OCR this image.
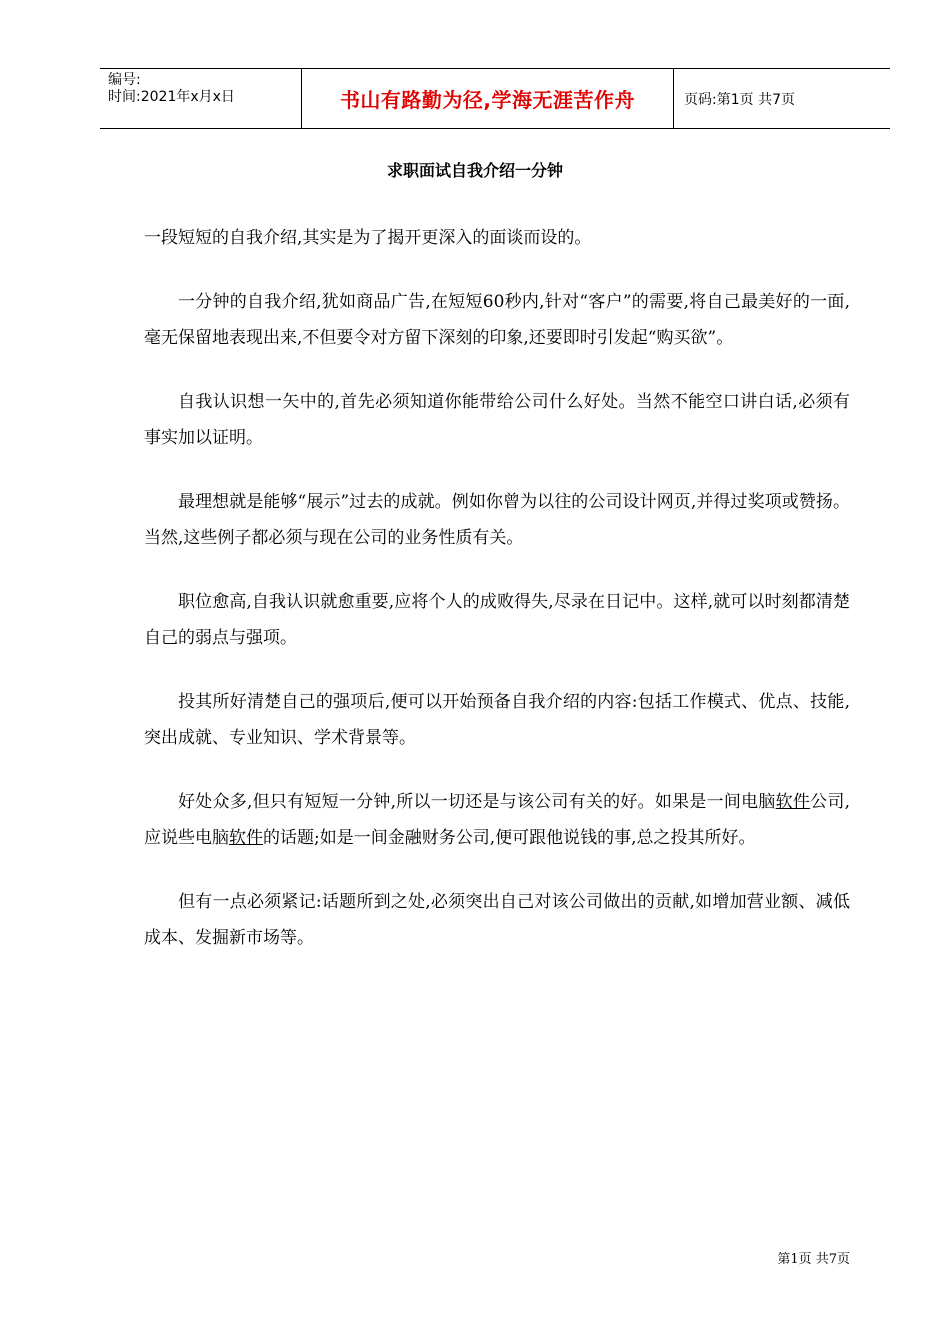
编号:
时间:2021年x月x日	书山有路勤为径,学海无涯苦作舟	页码:第1页 共7页
求职面试自我介绍一分钟

一段短短的自我介绍,其实是为了揭开更深入的面谈而设的。

一分钟的自我介绍,犹如商品广告,在短短60秒内,针对“客户”的需要,将自己最美好的一面,毫无保留地表现出来,不但要令对方留下深刻的印象,还要即时引发起“购买欲”。

自我认识想一矢中的,首先必须知道你能带给公司什么好处。当然不能空口讲白话,必须有事实加以证明。

最理想就是能够“展示”过去的成就。例如你曾为以往的公司设计网页,并得过奖项或赞扬。当然,这些例子都必须与现在公司的业务性质有关。

职位愈高,自我认识就愈重要,应将个人的成败得失,尽录在日记中。这样,就可以时刻都清楚自己的弱点与强项。

投其所好清楚自己的强项后,便可以开始预备自我介绍的内容:包括工作模式、优点、技能,突出成就、专业知识、学术背景等。

好处众多,但只有短短一分钟,所以一切还是与该公司有关的好。如果是一间电脑软件公司,应说些电脑软件的话题;如是一间金融财务公司,便可跟他说钱的事,总之投其所好。

但有一点必须紧记:话题所到之处,必须突出自己对该公司做出的贡献,如增加营业额、减低成本、发掘新市场等。

第1页 共7页
